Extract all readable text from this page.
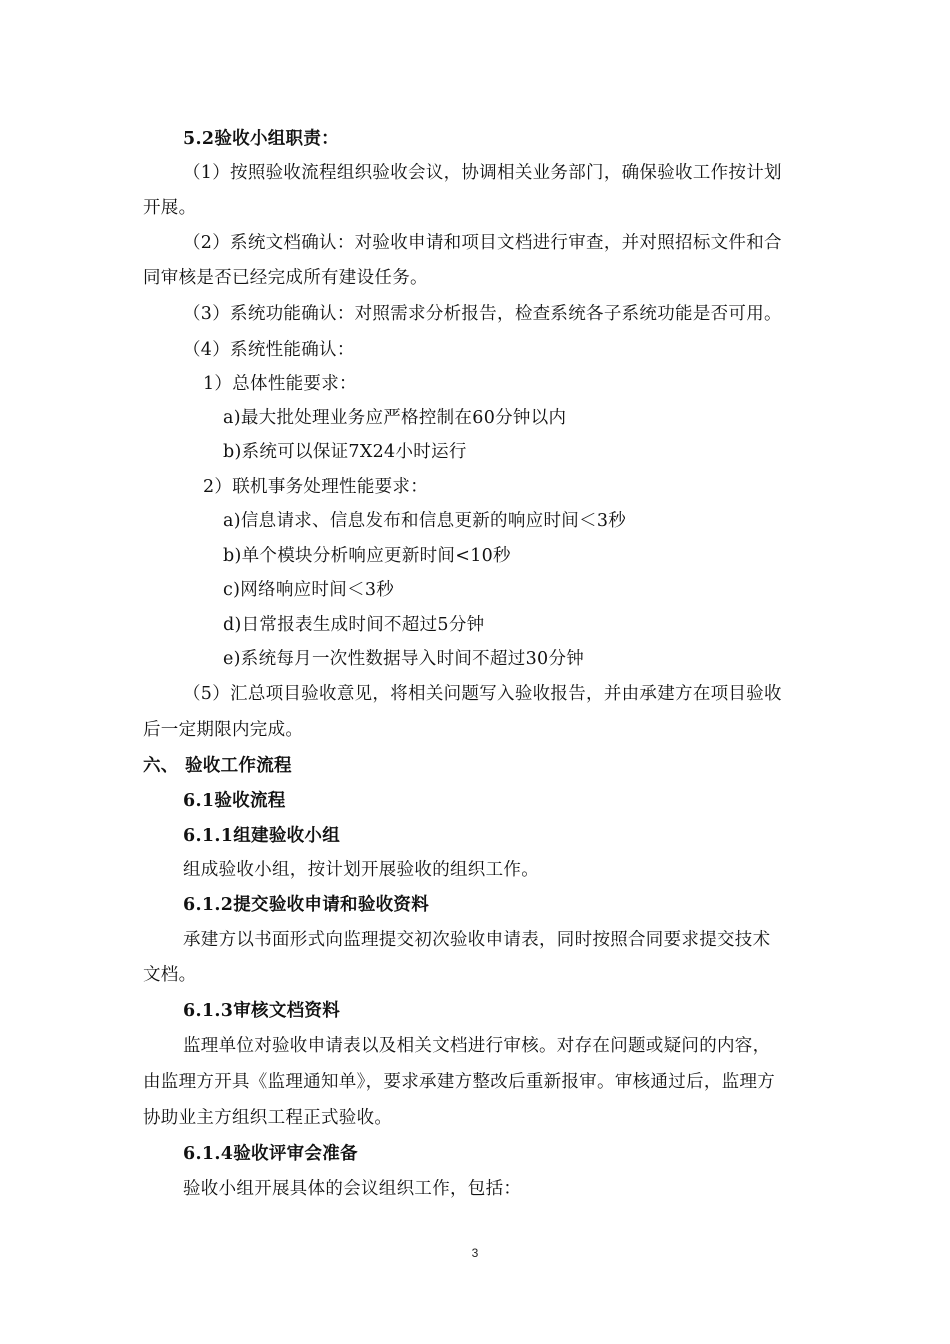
5.2验收小组职责：
（1）按照验收流程组织验收会议，协调相关业务部门，确保验收工作按计划
开展。
（2）系统文档确认：对验收申请和项目文档进行审查，并对照招标文件和合
同审核是否已经完成所有建设任务。
（3）系统功能确认：对照需求分析报告，检查系统各子系统功能是否可用。
（4）系统性能确认：
1）总体性能要求：
a)最大批处理业务应严格控制在60分钟以内
b)系统可以保证7X24小时运行
2）联机事务处理性能要求：
a)信息请求、信息发布和信息更新的响应时间＜3秒
b)单个模块分析响应更新时间<10秒
c)网络响应时间＜3秒
d)日常报表生成时间不超过5分钟
e)系统每月一次性数据导入时间不超过30分钟
（5）汇总项目验收意见，将相关问题写入验收报告，并由承建方在项目验收
后一定期限内完成。
六、 验收工作流程
6.1验收流程
6.1.1组建验收小组
组成验收小组，按计划开展验收的组织工作。
6.1.2提交验收申请和验收资料
承建方以书面形式向监理提交初次验收申请表，同时按照合同要求提交技术
文档。
6.1.3审核文档资料
监理单位对验收申请表以及相关文档进行审核。对存在问题或疑问的内容，
由监理方开具《监理通知单》，要求承建方整改后重新报审。审核通过后，监理方
协助业主方组织工程正式验收。
6.1.4验收评审会准备
验收小组开展具体的会议组织工作，包括：
3
